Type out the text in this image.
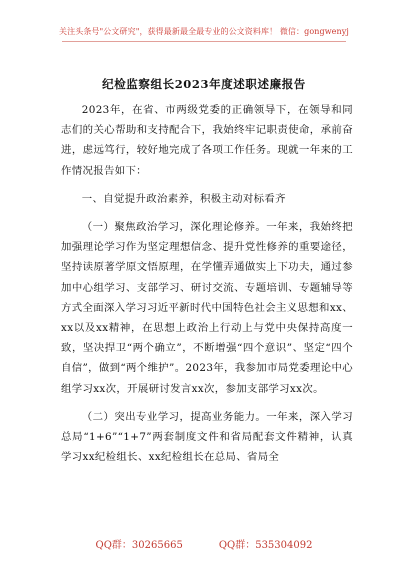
关注头条号"公文研究"，获得最新最全最专业的公文资料库！ 微信：gongwenyj
纪检监察组长2023年度述职述廉报告

2023年，在省、市两级党委的正确领导下，在领导和同志们的关心帮助和支持配合下，我始终牢记职责使命，承前奋进，虑远笃行，较好地完成了各项工作任务。现就一年来的工作情况报告如下：

一、自觉提升政治素养，积极主动对标看齐

（一）聚焦政治学习，深化理论修养。一年来，我始终把加强理论学习作为坚定理想信念、提升党性修养的重要途径，坚持读原著学原文悟原理，在学懂弄通做实上下功夫，通过参加中心组学习、支部学习、研讨交流、专题培训、专题辅导等方式全面深入学习习近平新时代中国特色社会主义思想和xx、xx以及xx精神，在思想上政治上行动上与党中央保持高度一致，坚决捍卫“两个确立”，不断增强“四个意识”、坚定“四个自信”，做到“两个维护”。2023年，我参加市局党委理论中心组学习xx次，开展研讨发言xx次，参加支部学习xx次。

（二）突出专业学习，提高业务能力。一年来，深入学习总局“1+6”“1+7”两套制度文件和省局配套文件精神，认真学习xx纪检组长、xx纪检组长在总局、省局全

QQ群：30265665	QQ群：535304092
